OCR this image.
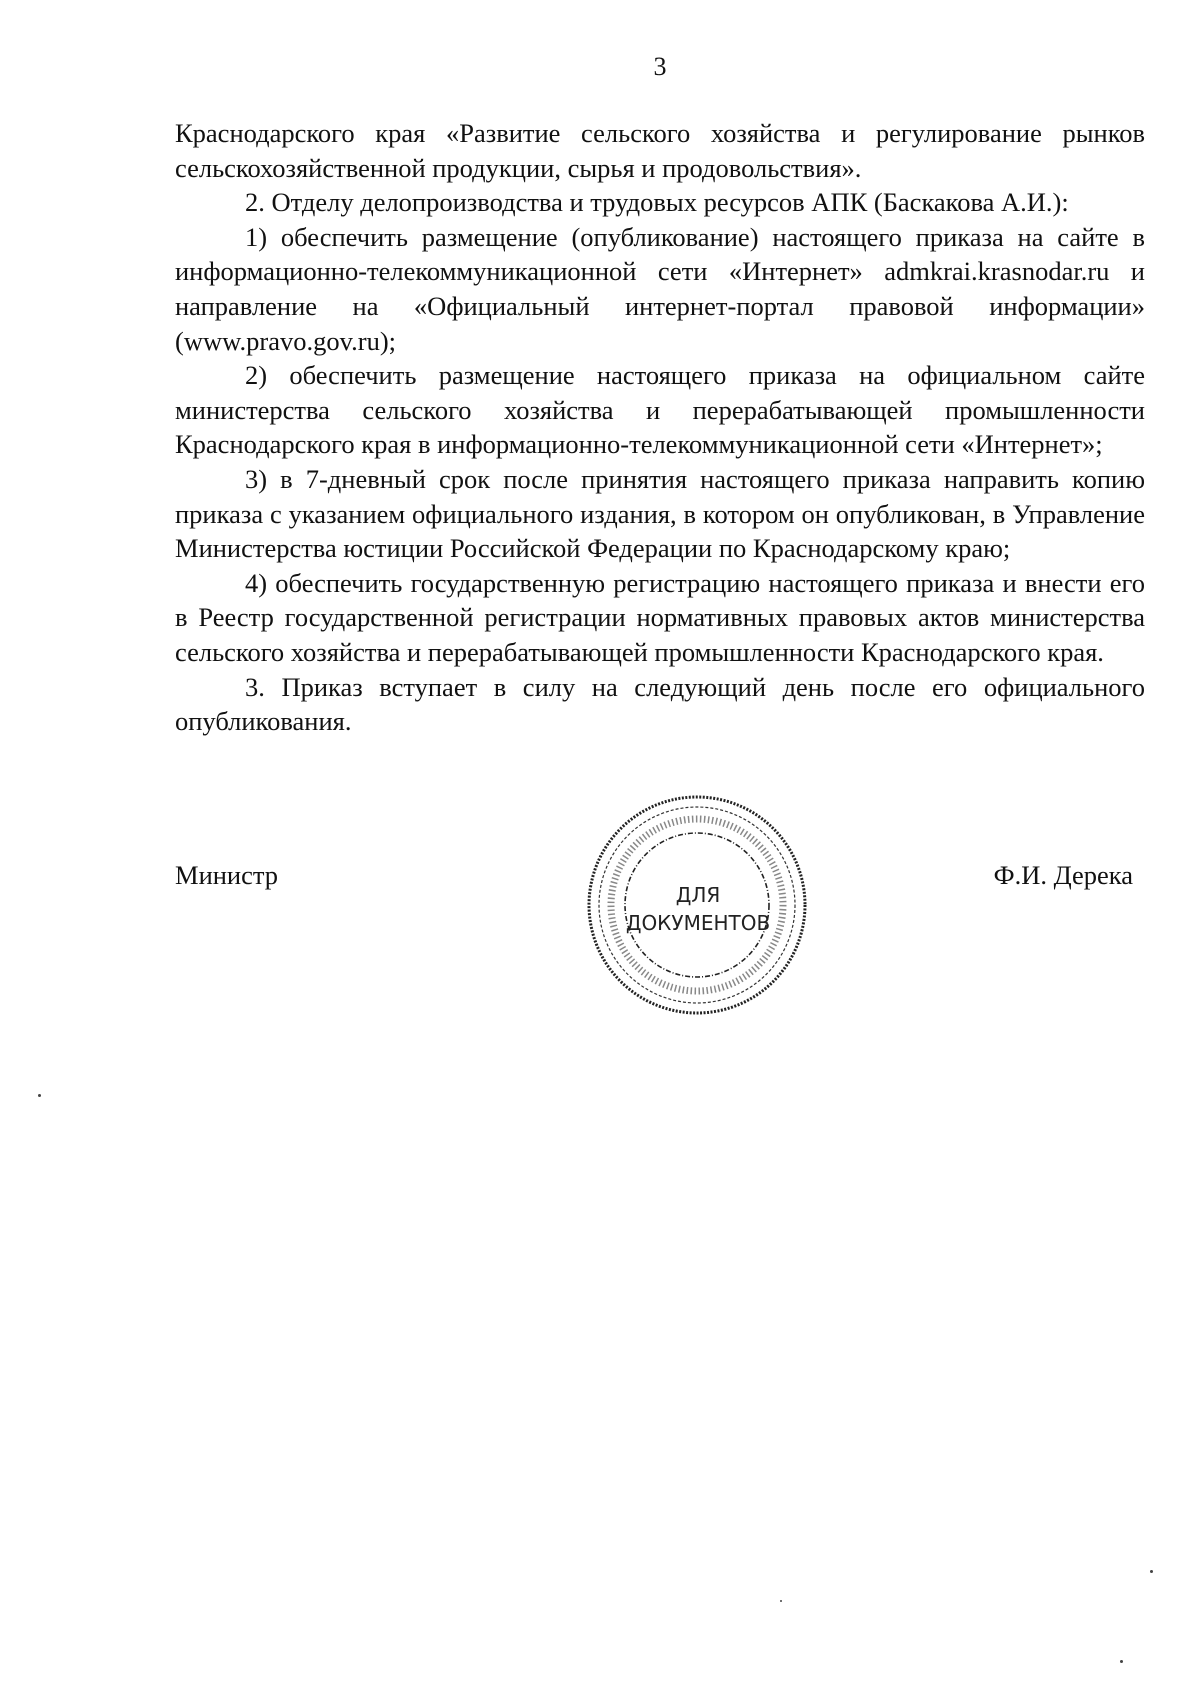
3

Краснодарского края «Развитие сельского хозяйства и регулирование рынков сельскохозяйственной продукции, сырья и продовольствия».

2. Отделу делопроизводства и трудовых ресурсов АПК (Баскакова А.И.):

1) обеспечить размещение (опубликование) настоящего приказа на сайте в информационно-телекоммуникационной сети «Интернет» admkrai.krasnodar.ru и направление на «Официальный интернет-портал правовой информации» (www.pravo.gov.ru);

2) обеспечить размещение настоящего приказа на официальном сайте министерства сельского хозяйства и перерабатывающей промышленности Краснодарского края в информационно-телекоммуникационной сети «Интернет»;

3) в 7-дневный срок после принятия настоящего приказа направить копию приказа с указанием официального издания, в котором он опубликован, в Управление Министерства юстиции Российской Федерации по Краснодарскому краю;

4) обеспечить государственную регистрацию настоящего приказа и внести его в Реестр государственной регистрации нормативных правовых актов министерства сельского хозяйства и перерабатывающей промышленности Краснодарского края.

3. Приказ вступает в силу на следующий день после его официального опубликования.

Министр	Ф.И. Дерека
ДЛЯ
ДОКУМЕНТОВ
